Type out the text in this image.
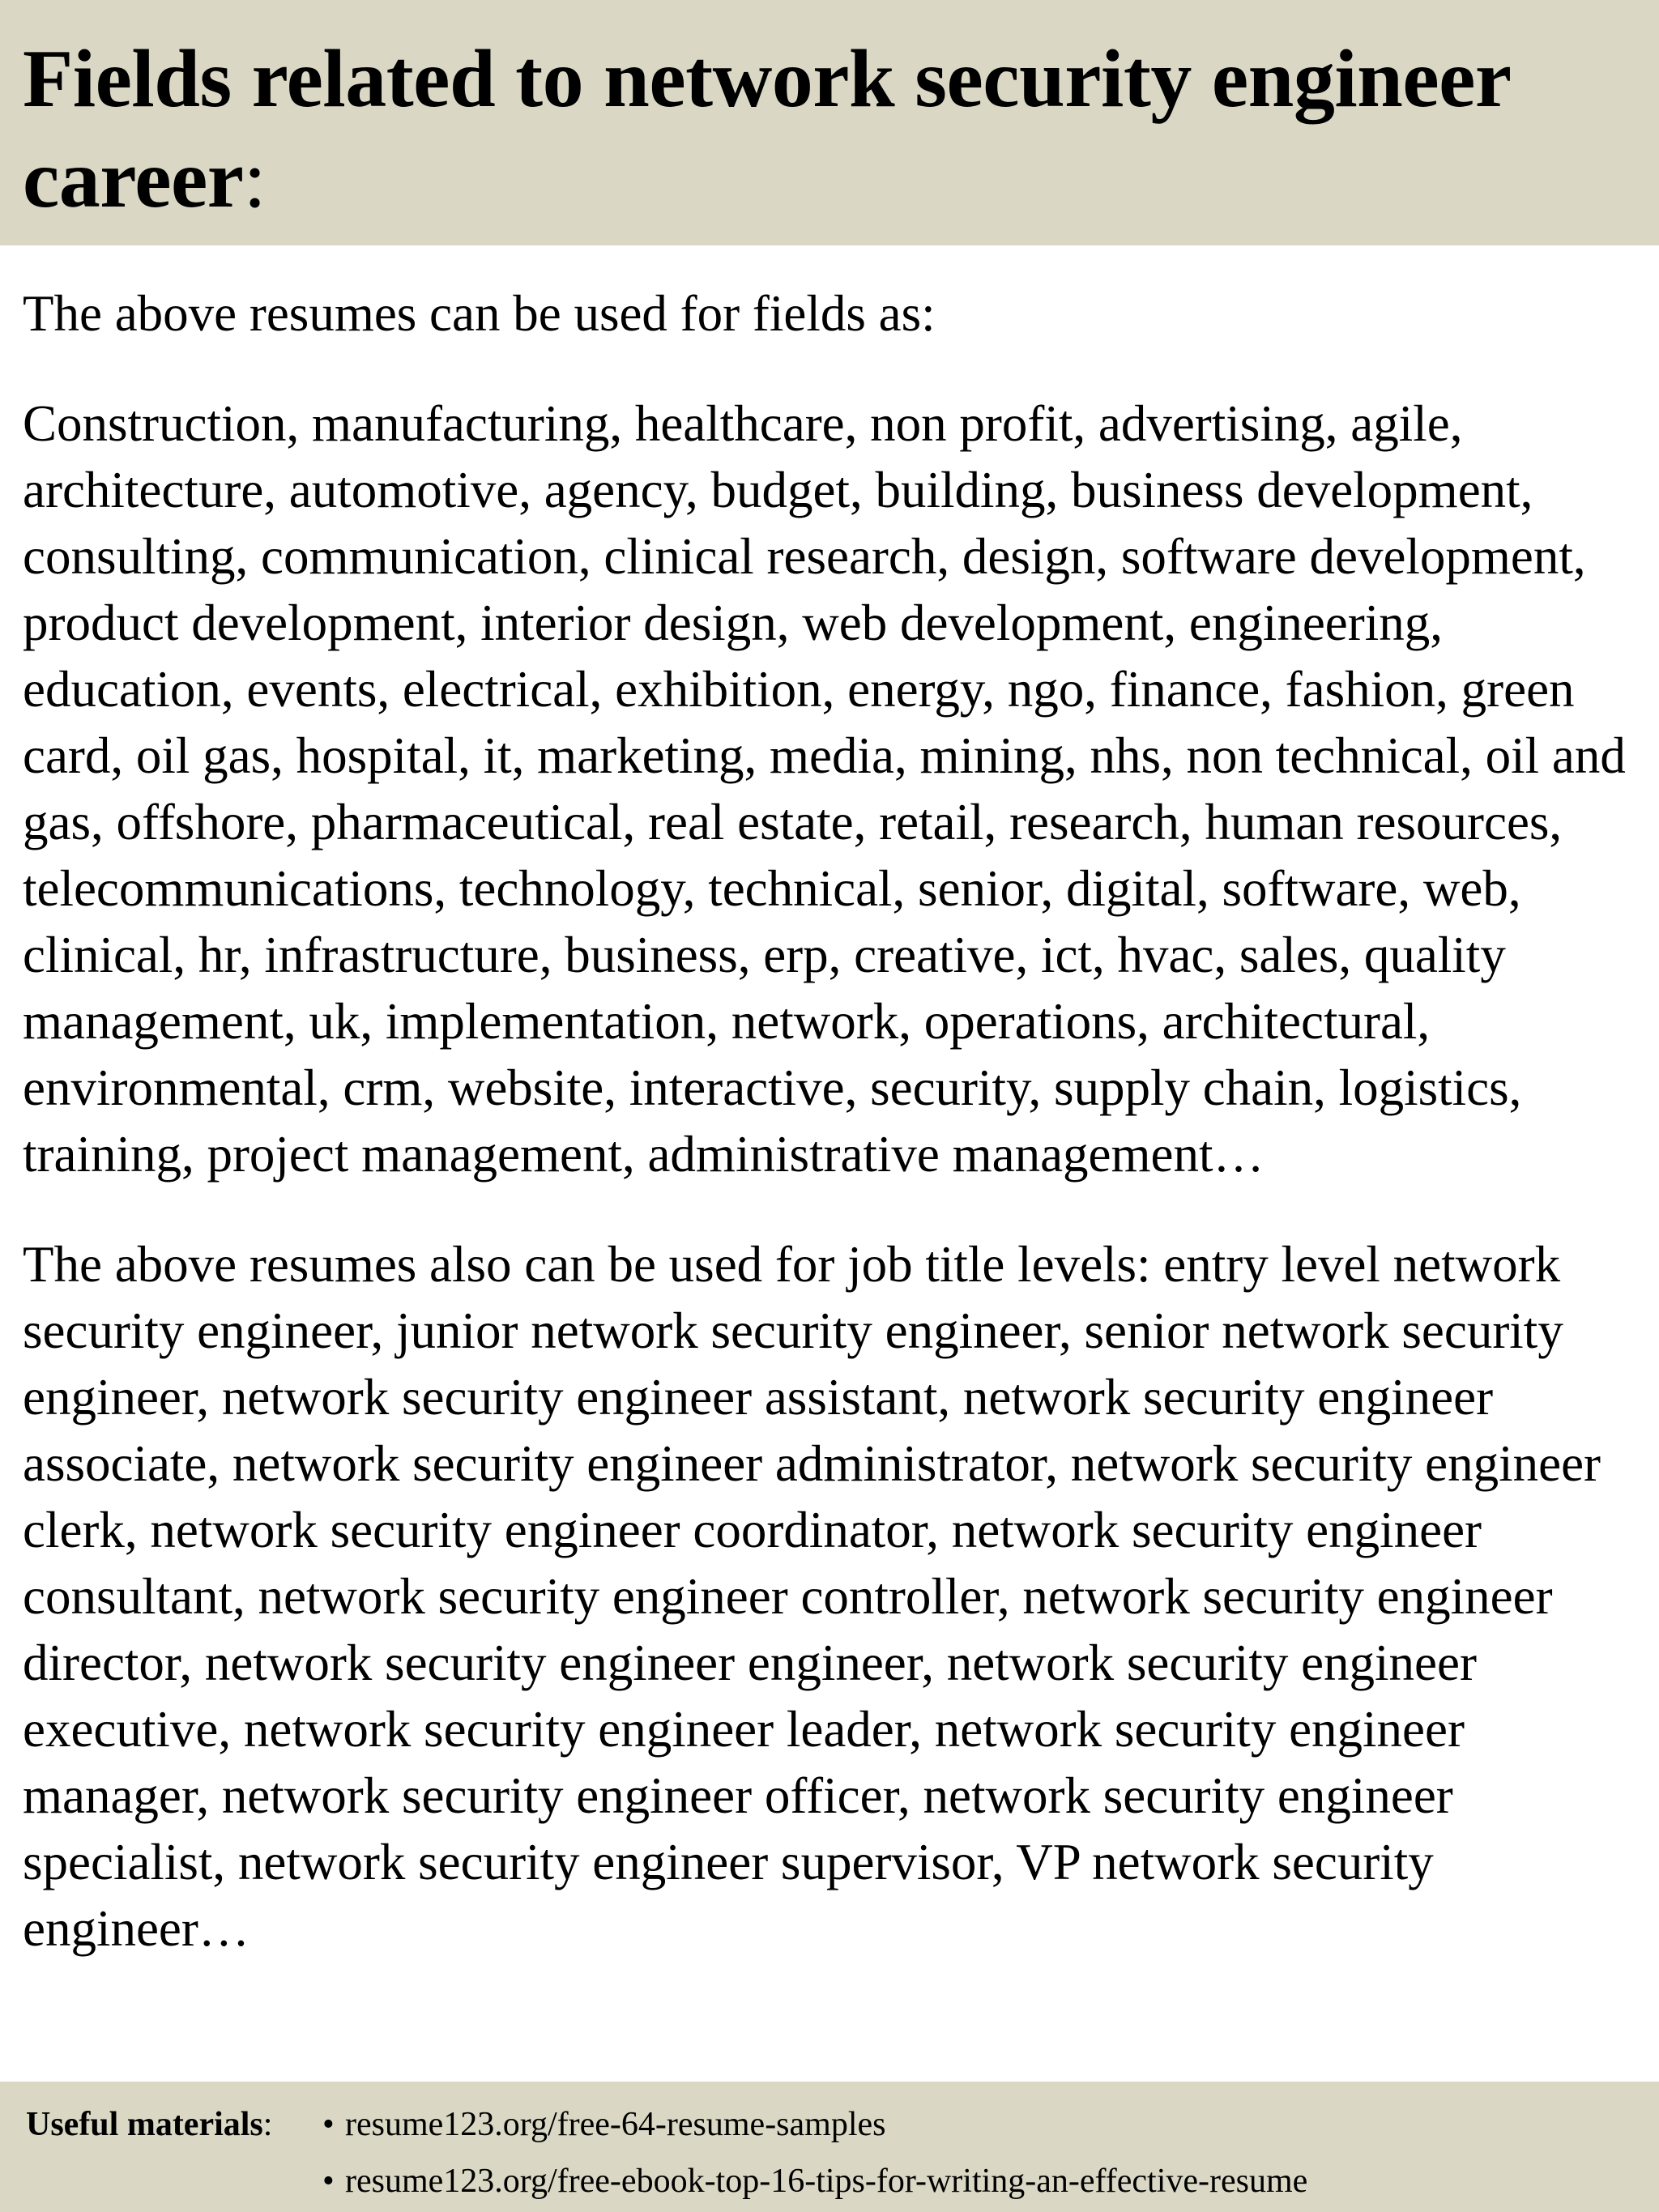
Fields related to network security engineer career:

The above resumes can be used for fields as:

Construction, manufacturing, healthcare, non profit, advertising, agile, architecture, automotive, agency, budget, building, business development, consulting, communication, clinical research, design, software development, product development, interior design, web development, engineering, education, events, electrical, exhibition, energy, ngo, finance, fashion, green card, oil gas, hospital, it, marketing, media, mining, nhs, non technical, oil and gas, offshore, pharmaceutical, real estate, retail, research, human resources, telecommunications, technology, technical, senior, digital, software, web, clinical, hr, infrastructure, business, erp, creative, ict, hvac, sales, quality management, uk, implementation, network, operations, architectural, environmental, crm, website, interactive, security, supply chain, logistics, training, project management, administrative management…

The above resumes also can be used for job title levels: entry level network security engineer, junior network security engineer, senior network security engineer, network security engineer assistant, network security engineer associate, network security engineer administrator, network security engineer clerk, network security engineer coordinator, network security engineer consultant, network security engineer controller, network security engineer director, network security engineer engineer, network security engineer executive, network security engineer leader, network security engineer manager, network security engineer officer, network security engineer specialist, network security engineer supervisor, VP network security engineer…

Useful materials:	• resume123.org/free-64-resume-samples
• resume123.org/free-ebook-top-16-tips-for-writing-an-effective-resume
